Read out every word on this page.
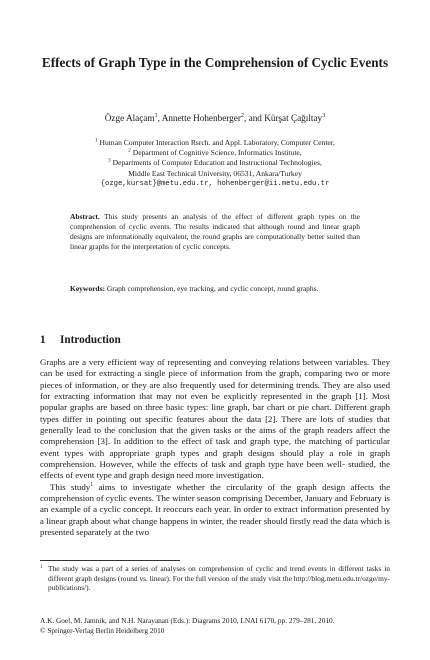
Effects of Graph Type in the Comprehension of Cyclic Events
Özge Alaçam$^1$, Annette Hohenberger$^2$, and Kürşat Çağıltay$^3$
$^1$ Human Computer Interaction Rsrch. and Appl. Laboratory, Computer Center,
$^2$ Department of Cognitive Science, Informatics Institute,
$^3$ Departments of Computer Education and Instructional Technologies,
Middle East Technical University, 06531, Ankara/Turkey
{ozge,kursat}@metu.edu.tr, hohenberger@ii.metu.edu.tr
Abstract. This study presents an analysis of the effect of different graph types on the comprehension of cyclic events. The results indicated that although round and linear graph designs are informationally equivalent, the round graphs are computationally better suited than linear graphs for the interpretation of cyclic concepts.
Keywords: Graph comprehension, eye tracking, and cyclic concept, round graphs.
1 Introduction

Graphs are a very efficient way of representing and conveying relations between variables. They can be used for extracting a single piece of information from the graph, comparing two or more pieces of information, or they are also frequently used for determining trends. They are also used for extracting information that may not even be explicitly represented in the graph [1]. Most popular graphs are based on three basic types: line graph, bar chart or pie chart. Different graph types differ in pointing out specific features about the data [2]. There are lots of studies that generally lead to the conclusion that the given tasks or the aims of the graph readers affect the comprehension [3]. In addition to the effect of task and graph type, the matching of particular event types with appropriate graph types and graph designs should play a role in graph comprehension. However, while the effects of task and graph type have been well- studied, the effects of event type and graph design need more investigation.

This study$^1$ aims to investigate whether the circularity of the graph design affects the comprehension of cyclic events. The winter season comprising December, January and February is an example of a cyclic concept. It reoccurs each year. In order to extract information presented by a linear graph about what change happens in winter, the reader should firstly read the data which is presented separately at the two

$^1$ The study was a part of a series of analyses on comprehension of cyclic and trend events in different tasks in different graph designs (round vs. linear). For the full version of the study visit the http://blog.metu.edu.tr/ozge/my-publications/).
A.K. Goel, M. Jamnik, and N.H. Narayanan (Eds.): Diagrams 2010, LNAI 6170, pp. 279–281, 2010.
© Springer-Verlag Berlin Heidelberg 2010
